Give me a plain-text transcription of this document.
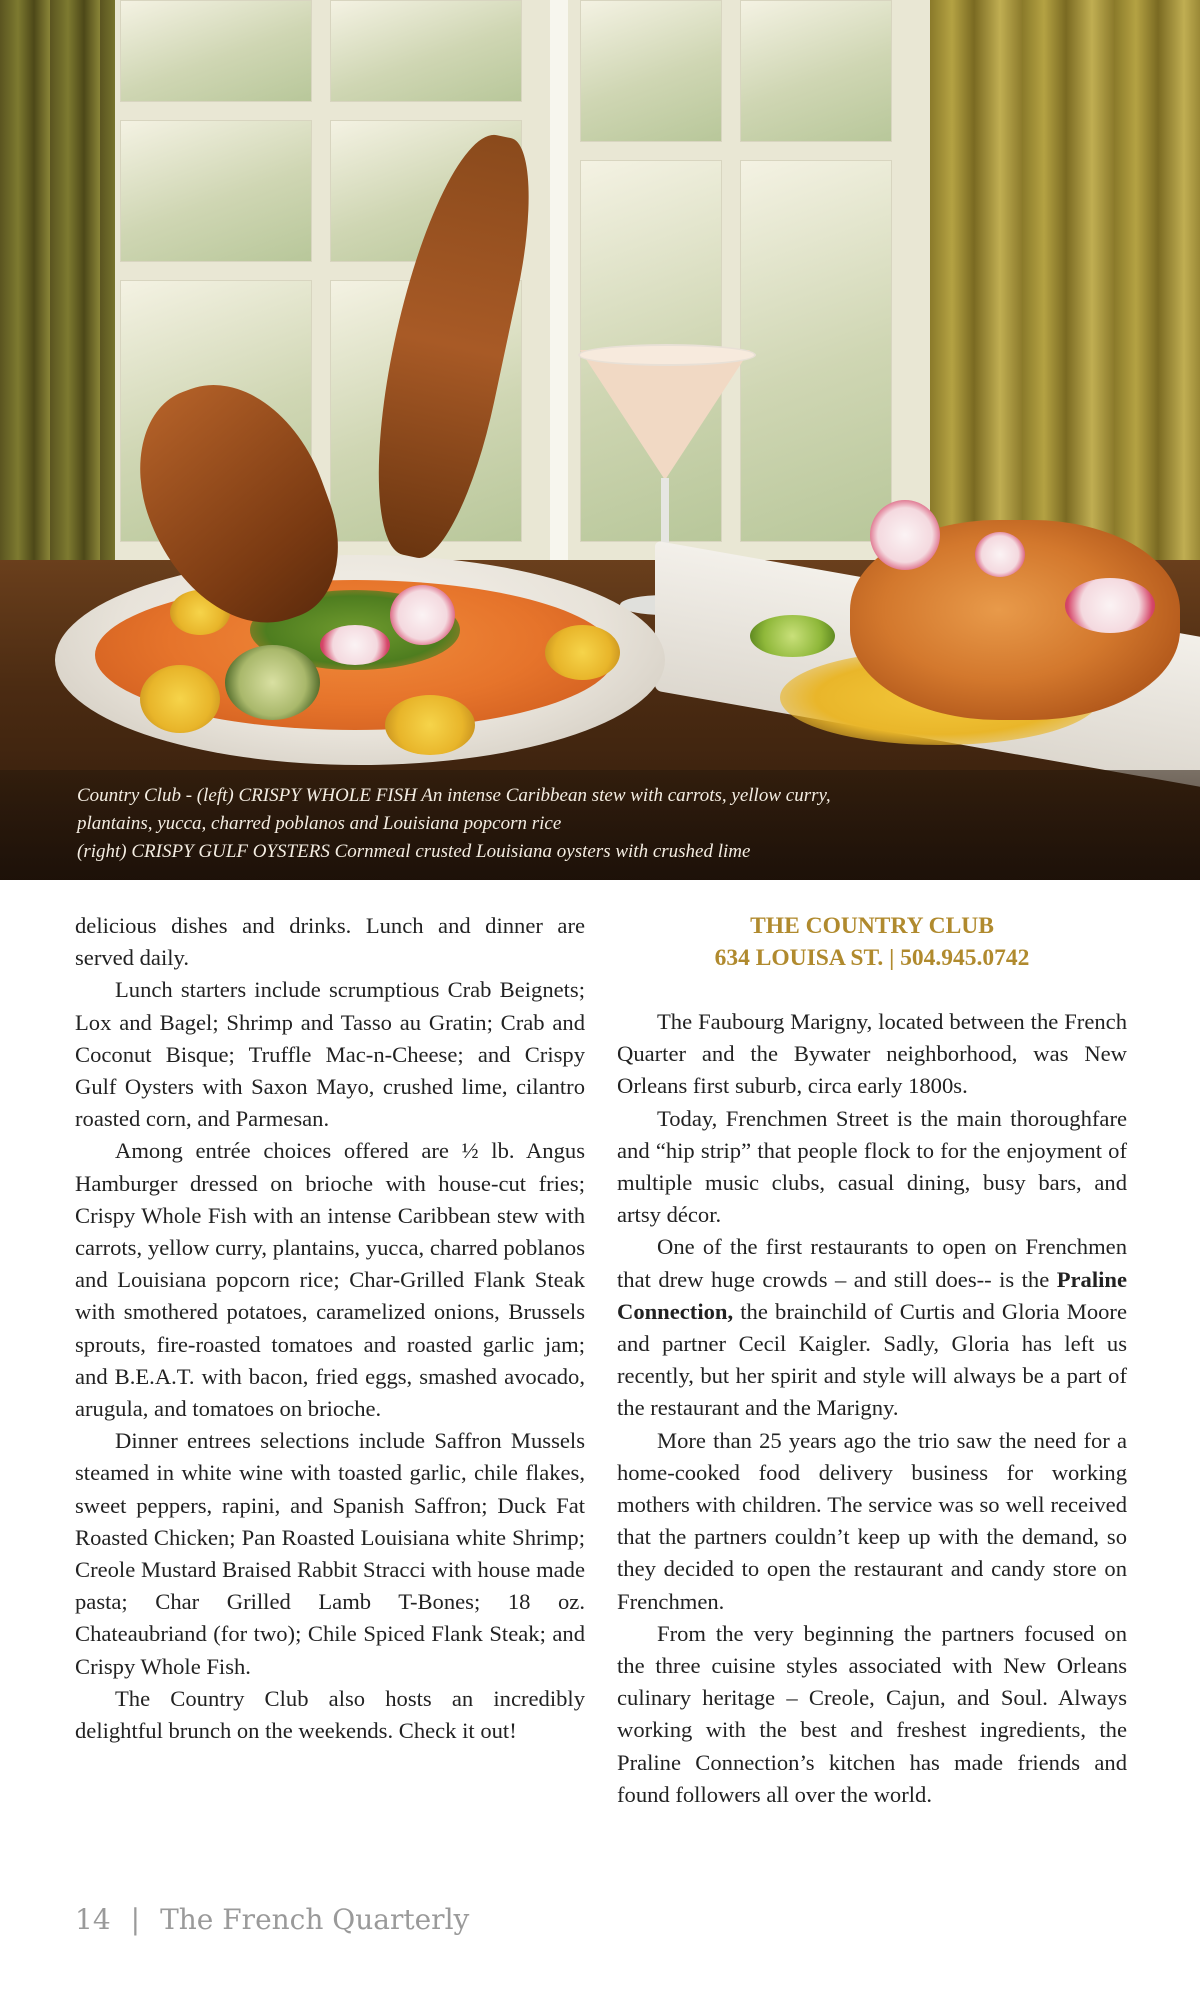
Country Club - (left) CRISPY WHOLE FISH An intense Caribbean stew with carrots, yellow curry,

plantains, yucca, charred poblanos and Louisiana popcorn rice

(right) CRISPY GULF OYSTERS Cornmeal crusted Louisiana oysters with crushed lime

delicious dishes and drinks. Lunch and dinner are served daily.

Lunch starters include scrumptious Crab Beignets; Lox and Bagel; Shrimp and Tasso au Gratin; Crab and Coconut Bisque; Truffle Mac-n-Cheese; and Crispy Gulf Oysters with Saxon Mayo, crushed lime, cilantro roasted corn, and Parmesan.

Among entrée choices offered are ½ lb. Angus Hamburger dressed on brioche with house-cut fries; Crispy Whole Fish with an intense Caribbean stew with carrots, yellow curry, plantains, yucca, charred poblanos and Louisiana popcorn rice; Char-Grilled Flank Steak with smothered potatoes, caramelized onions, Brussels sprouts, fire-roasted tomatoes and roasted garlic jam; and B.E.A.T. with bacon, fried eggs, smashed avocado, arugula, and tomatoes on brioche.

Dinner entrees selections include Saffron Mussels steamed in white wine with toasted garlic, chile flakes, sweet peppers, rapini, and Spanish Saffron; Duck Fat Roasted Chicken; Pan Roasted Louisiana white Shrimp; Creole Mustard Braised Rabbit Stracci with house made pasta; Char Grilled Lamb T-Bones; 18 oz. Chateaubriand (for two); Chile Spiced Flank Steak; and Crispy Whole Fish.

The Country Club also hosts an incredibly delightful brunch on the weekends. Check it out!

THE COUNTRY CLUB
634 LOUISA ST. | 504.945.0742

The Faubourg Marigny, located between the French Quarter and the Bywater neighborhood, was New Orleans first suburb, circa early 1800s.

Today, Frenchmen Street is the main thoroughfare and “hip strip” that people flock to for the enjoyment of multiple music clubs, casual dining, busy bars, and artsy décor.

One of the first restaurants to open on Frenchmen that drew huge crowds – and still does-- is the Praline Connection, the brainchild of Curtis and Gloria Moore and partner Cecil Kaigler. Sadly, Gloria has left us recently, but her spirit and style will always be a part of the restaurant and the Marigny.

More than 25 years ago the trio saw the need for a home-cooked food delivery business for working mothers with children. The service was so well received that the partners couldn’t keep up with the demand, so they decided to open the restaurant and candy store on Frenchmen.

From the very beginning the partners focused on the three cuisine styles associated with New Orleans culinary heritage – Creole, Cajun, and Soul. Always working with the best and freshest ingredients, the Praline Connection’s kitchen has made friends and found followers all over the world.

14 | The French Quarterly
